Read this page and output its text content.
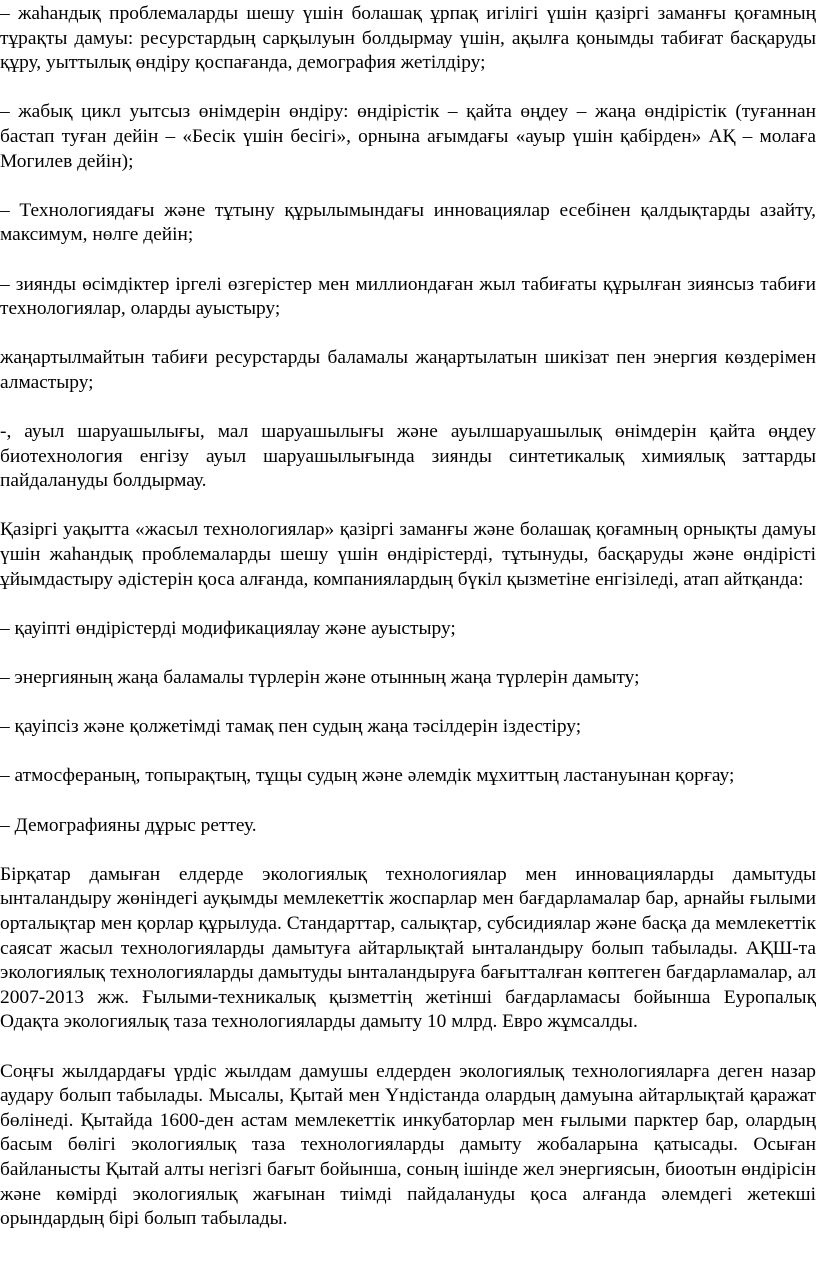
– жаһандық проблемаларды шешу үшін болашақ ұрпақ игілігі үшін қазіргі заманғы қоғамның тұрақты дамуы: ресурстардың сарқылуын болдырмау үшін, ақылға қонымды табиғат басқаруды құру, уыттылық өндіру қоспағанда, демография жетілдіру;

– жабық цикл уытсыз өнімдерін өндіру: өндірістік – қайта өңдеу – жаңа өндірістік (туғаннан бастап туған дейін – «Бесік үшін бесігі», орнына ағымдағы «ауыр үшін қабірден» АҚ – молаға Могилев дейін);

– Технологиядағы және тұтыну құрылымындағы инновациялар есебінен қалдықтарды азайту, максимум, нөлге дейін;

– зиянды өсімдіктер іргелі өзгерістер мен миллиондаған жыл табиғаты құрылған зиянсыз табиғи технологиялар, оларды ауыстыру;

жаңартылмайтын табиғи ресурстарды баламалы жаңартылатын шикізат пен энергия көздерімен алмастыру;

-, ауыл шаруашылығы, мал шаруашылығы және ауылшаруашылық өнімдерін қайта өңдеу биотехнология енгізу ауыл шаруашылығында зиянды синтетикалық химиялық заттарды пайдалануды болдырмау.

Қазіргі уақытта «жасыл технологиялар» қазіргі заманғы және болашақ қоғамның орнықты дамуы үшін жаһандық проблемаларды шешу үшін өндірістерді, тұтынуды, басқаруды және өндірісті ұйымдастыру әдістерін қоса алғанда, компаниялардың бүкіл қызметіне енгізіледі, атап айтқанда:

– қауіпті өндірістерді модификациялау және ауыстыру;

– энергияның жаңа баламалы түрлерін және отынның жаңа түрлерін дамыту;

– қауіпсіз және қолжетімді тамақ пен судың жаңа тәсілдерін іздестіру;

– атмосфераның, топырақтың, тұщы судың және әлемдік мұхиттың ластануынан қорғау;

– Демографияны дұрыс реттеу.

Бірқатар дамыған елдерде экологиялық технологиялар мен инновацияларды дамытуды ынталандыру жөніндегі ауқымды мемлекеттік жоспарлар мен бағдарламалар бар, арнайы ғылыми орталықтар мен қорлар құрылуда. Стандарттар, салықтар, субсидиялар және басқа да мемлекеттік саясат жасыл технологияларды дамытуға айтарлықтай ынталандыру болып табылады. АҚШ-та экологиялық технологияларды дамытуды ынталандыруға бағытталған көптеген бағдарламалар, ал 2007-2013 жж. Ғылыми-техникалық қызметтің жетінші бағдарламасы бойынша Еуропалық Одақта экологиялық таза технологияларды дамыту 10 млрд. Евро жұмсалды.

Соңғы жылдардағы үрдіс жылдам дамушы елдерден экологиялық технологияларға деген назар аудару болып табылады. Мысалы, Қытай мен Үндістанда олардың дамуына айтарлықтай қаражат бөлінеді. Қытайда 1600-ден астам мемлекеттік инкубаторлар мен ғылыми парктер бар, олардың басым бөлігі экологиялық таза технологияларды дамыту жобаларына қатысады. Осыған байланысты Қытай алты негізгі бағыт бойынша, соның ішінде жел энергиясын, биоотын өндірісін және көмірді экологиялық жағынан тиімді пайдалануды қоса алғанда әлемдегі жетекші орындардың бірі болып табылады.
